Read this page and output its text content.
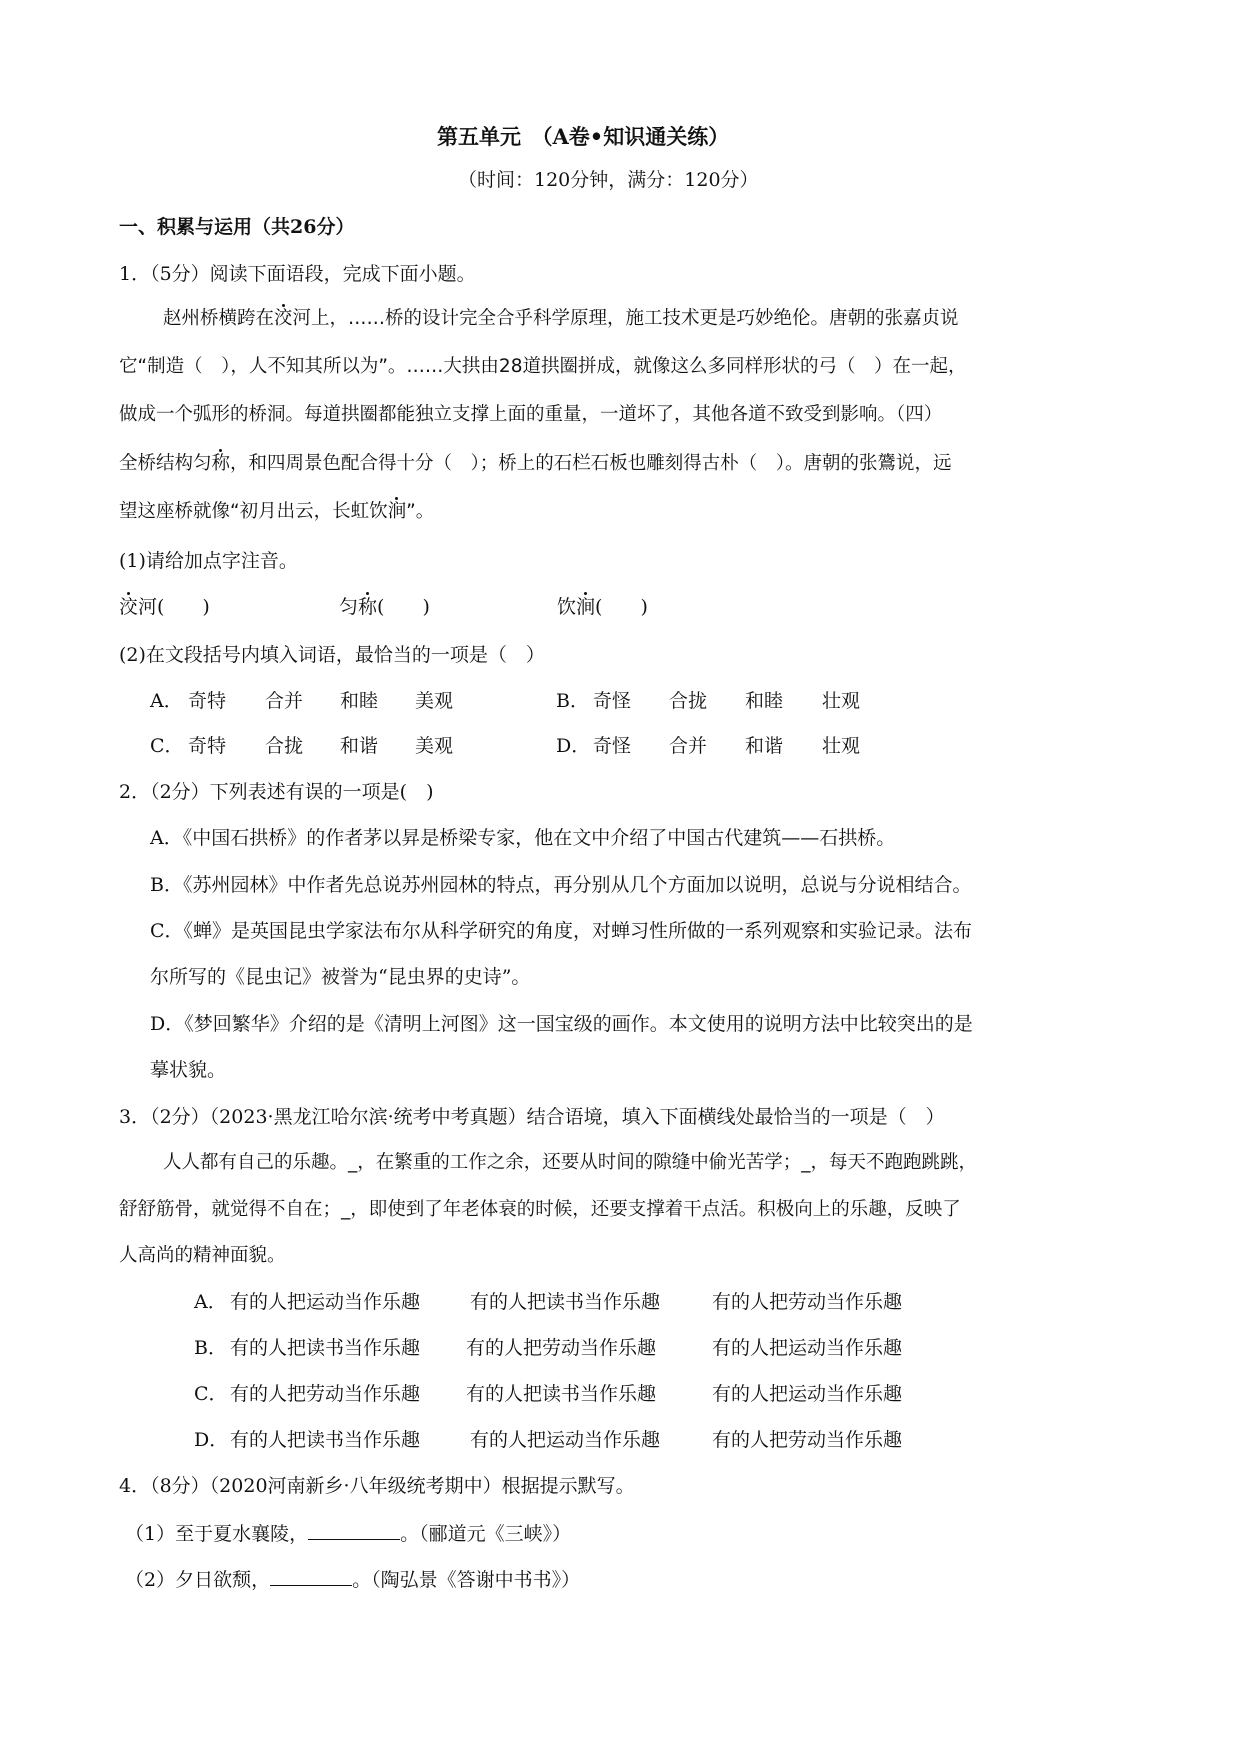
第五单元　（A卷•知识通关练）
（时间：120分钟，满分：120分）
一、积累与运用（共26分）
1．（5分）阅读下面语段，完成下面小题。
赵州桥横跨在洨河上，……桥的设计完全合乎科学原理，施工技术更是巧妙绝伦。唐朝的张嘉贞说
它“制造（　），人不知其所以为”。……大拱由28道拱圈拼成，就像这么多同样形状的弓（　）在一起，
做成一个弧形的桥洞。每道拱圈都能独立支撑上面的重量，一道坏了，其他各道不致受到影响。（四）
全桥结构匀称，和四周景色配合得十分（　）；桥上的石栏石板也雕刻得古朴（　）。唐朝的张鷟说，远
望这座桥就像“初月出云，长虹饮涧”。
(1)请给加点字注音。
洨河(　　)	匀称(　　)	饮涧(　　)
(2)在文段括号内填入词语，最恰当的一项是（　）
A． 奇特 合并 和睦 美观	B． 奇怪 合拢 和睦 壮观
C． 奇特 合拢 和谐 美观	D． 奇怪 合并 和谐 壮观
2．（2分）下列表述有误的一项是(　)
A．《中国石拱桥》的作者茅以昇是桥梁专家，他在文中介绍了中国古代建筑——石拱桥。
B．《苏州园林》中作者先总说苏州园林的特点，再分别从几个方面加以说明，总说与分说相结合。
C．《蝉》是英国昆虫学家法布尔从科学研究的角度，对蝉习性所做的一系列观察和实验记录。法布
尔所写的《昆虫记》被誉为“昆虫界的史诗”。
D．《梦回繁华》介绍的是《清明上河图》这一国宝级的画作。本文使用的说明方法中比较突出的是
摹状貌。
3．（2分）（2023·黑龙江哈尔滨·统考中考真题）结合语境，填入下面横线处最恰当的一项是（　）
人人都有自己的乐趣。_，在繁重的工作之余，还要从时间的隙缝中偷光苦学；_，每天不跑跑跳跳，
舒舒筋骨，就觉得不自在；_，即使到了年老体衰的时候，还要支撑着干点活。积极向上的乐趣，反映了
人高尚的精神面貌。
A． 有的人把运动当作乐趣	有的人把读书当作乐趣	有的人把劳动当作乐趣
B． 有的人把读书当作乐趣 有的人把劳动当作乐趣	有的人把运动当作乐趣
C． 有的人把劳动当作乐趣 有的人把读书当作乐趣	有的人把运动当作乐趣
D． 有的人把读书当作乐趣	有的人把运动当作乐趣	有的人把劳动当作乐趣
4．（8分）（2020河南新乡·八年级统考期中）根据提示默写。
（1）至于夏水襄陵，	。（郦道元《三峡》）
（2）夕日欲颓，	。（陶弘景《答谢中书书》）
